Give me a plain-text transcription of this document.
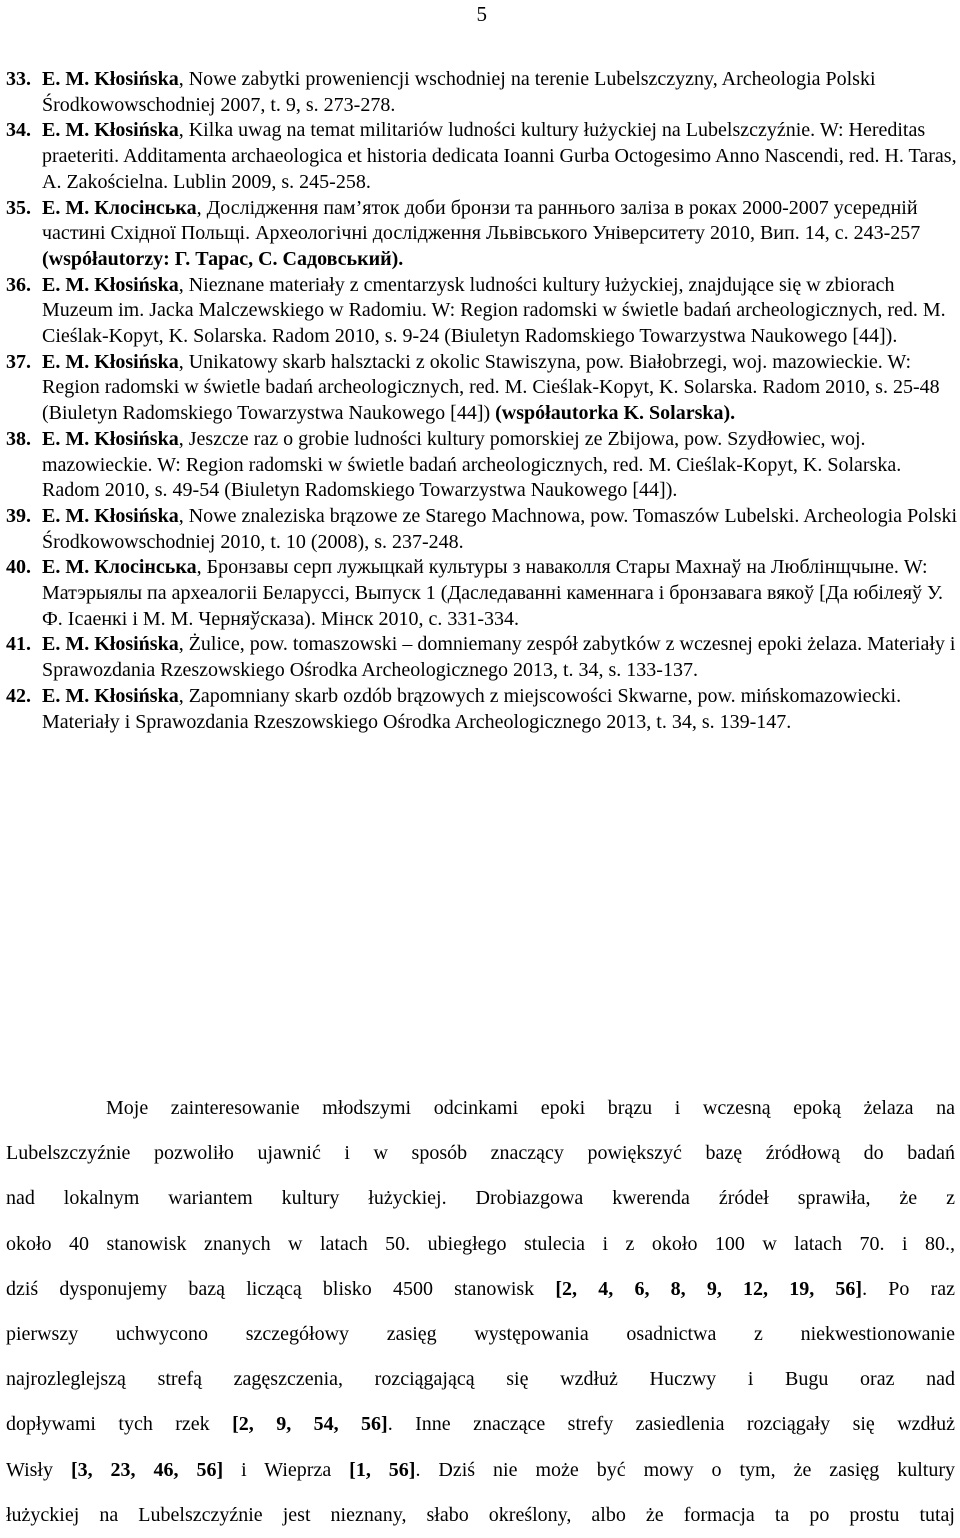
5
33. E. M. Kłosińska, Nowe zabytki proweniencji wschodniej na terenie Lubelszczyzny, Archeologia Polski Środkowowschodniej 2007, t. 9, s. 273-278.
34. E. M. Kłosińska, Kilka uwag na temat militariów ludności kultury łużyckiej na Lubelszczyźnie. W: Hereditas praeteriti. Additamenta archaeologica et historia dedicata Ioanni Gurba Octogesimo Anno Nascendi, red. H. Taras, A. Zakościelna. Lublin 2009, s. 245-258.
35. E. M. Клосінська, Дослідження пам’яток доби бронзи та раннього заліза в роках 2000-2007 усередній частині Східної Польщі. Археологічні дослідження Львівського Університету 2010, Вип. 14, с. 243-257 (współautorzy: Г. Тарас, С. Садовський).
36. E. M. Kłosińska, Nieznane materiały z cmentarzysk ludności kultury łużyckiej, znajdujące się w zbiorach Muzeum im. Jacka Malczewskiego w Radomiu. W: Region radomski w świetle badań archeologicznych, red. M. Cieślak-Kopyt, K. Solarska. Radom 2010, s. 9-24 (Biuletyn Radomskiego Towarzystwa Naukowego [44]).
37. E. M. Kłosińska, Unikatowy skarb halsztacki z okolic Stawiszyna, pow. Białobrzegi, woj. mazowieckie. W: Region radomski w świetle badań archeologicznych, red. M. Cieślak-Kopyt, K. Solarska. Radom 2010, s. 25-48 (Biuletyn Radomskiego Towarzystwa Naukowego [44]) (współautorka K. Solarska).
38. E. M. Kłosińska, Jeszcze raz o grobie ludności kultury pomorskiej ze Zbijowa, pow. Szydłowiec, woj. mazowieckie. W: Region radomski w świetle badań archeologicznych, red. M. Cieślak-Kopyt, K. Solarska. Radom 2010, s. 49-54 (Biuletyn Radomskiego Towarzystwa Naukowego [44]).
39. E. M. Kłosińska, Nowe znaleziska brązowe ze Starego Machnowa, pow. Tomaszów Lubelski. Archeologia Polski Środkowowschodniej 2010, t. 10 (2008), s. 237-248.
40. E. M. Клосінська, Бронзавы серп лужыцкай культуры з наваколля Стары Махнаў на Люблінщчыне. W: Матэрыялы па археалогіі Беларуссі, Выпуск 1 (Даследаванні каменнага і бронзавага вякоў [Да юбілеяў У. Ф. Ісаенкі і М. М. Черняўсказа). Мінск 2010, с. 331-334.
41. E. M. Kłosińska, Żulice, pow. tomaszowski – domniemany zespół zabytków z wczesnej epoki żelaza. Materiały i Sprawozdania Rzeszowskiego Ośrodka Archeologicznego 2013, t. 34, s. 133-137.
42. E. M. Kłosińska, Zapomniany skarb ozdób brązowych z miejscowości Skwarne, pow. mińskomazowiecki. Materiały i Sprawozdania Rzeszowskiego Ośrodka Archeologicznego 2013, t. 34, s. 139-147.
Moje zainteresowanie młodszymi odcinkami epoki brązu i wczesną epoką żelaza na
Lubelszczyźnie pozwoliło ujawnić i w sposób znaczący powiększyć bazę źródłową do badań
nad lokalnym wariantem kultury łużyckiej. Drobiazgowa kwerenda źródeł sprawiła, że z
około 40 stanowisk znanych w latach 50. ubiegłego stulecia i z około 100 w latach 70. i 80.,
dziś dysponujemy bazą liczącą blisko 4500 stanowisk [2, 4, 6, 8, 9, 12, 19, 56]. Po raz
pierwszy uchwycono szczegółowy zasięg występowania osadnictwa z niekwestionowanie
najrozleglejszą strefą zagęszczenia, rozciągającą się wzdłuż Huczwy i Bugu oraz nad
dopływami tych rzek [2, 9, 54, 56]. Inne znaczące strefy zasiedlenia rozciągały się wzdłuż
Wisły [3, 23, 46, 56] i Wieprza [1, 56]. Dziś nie może być mowy o tym, że zasięg kultury
łużyckiej na Lubelszczyźnie jest nieznany, słabo określony, albo że formacja ta po prostu tutaj
